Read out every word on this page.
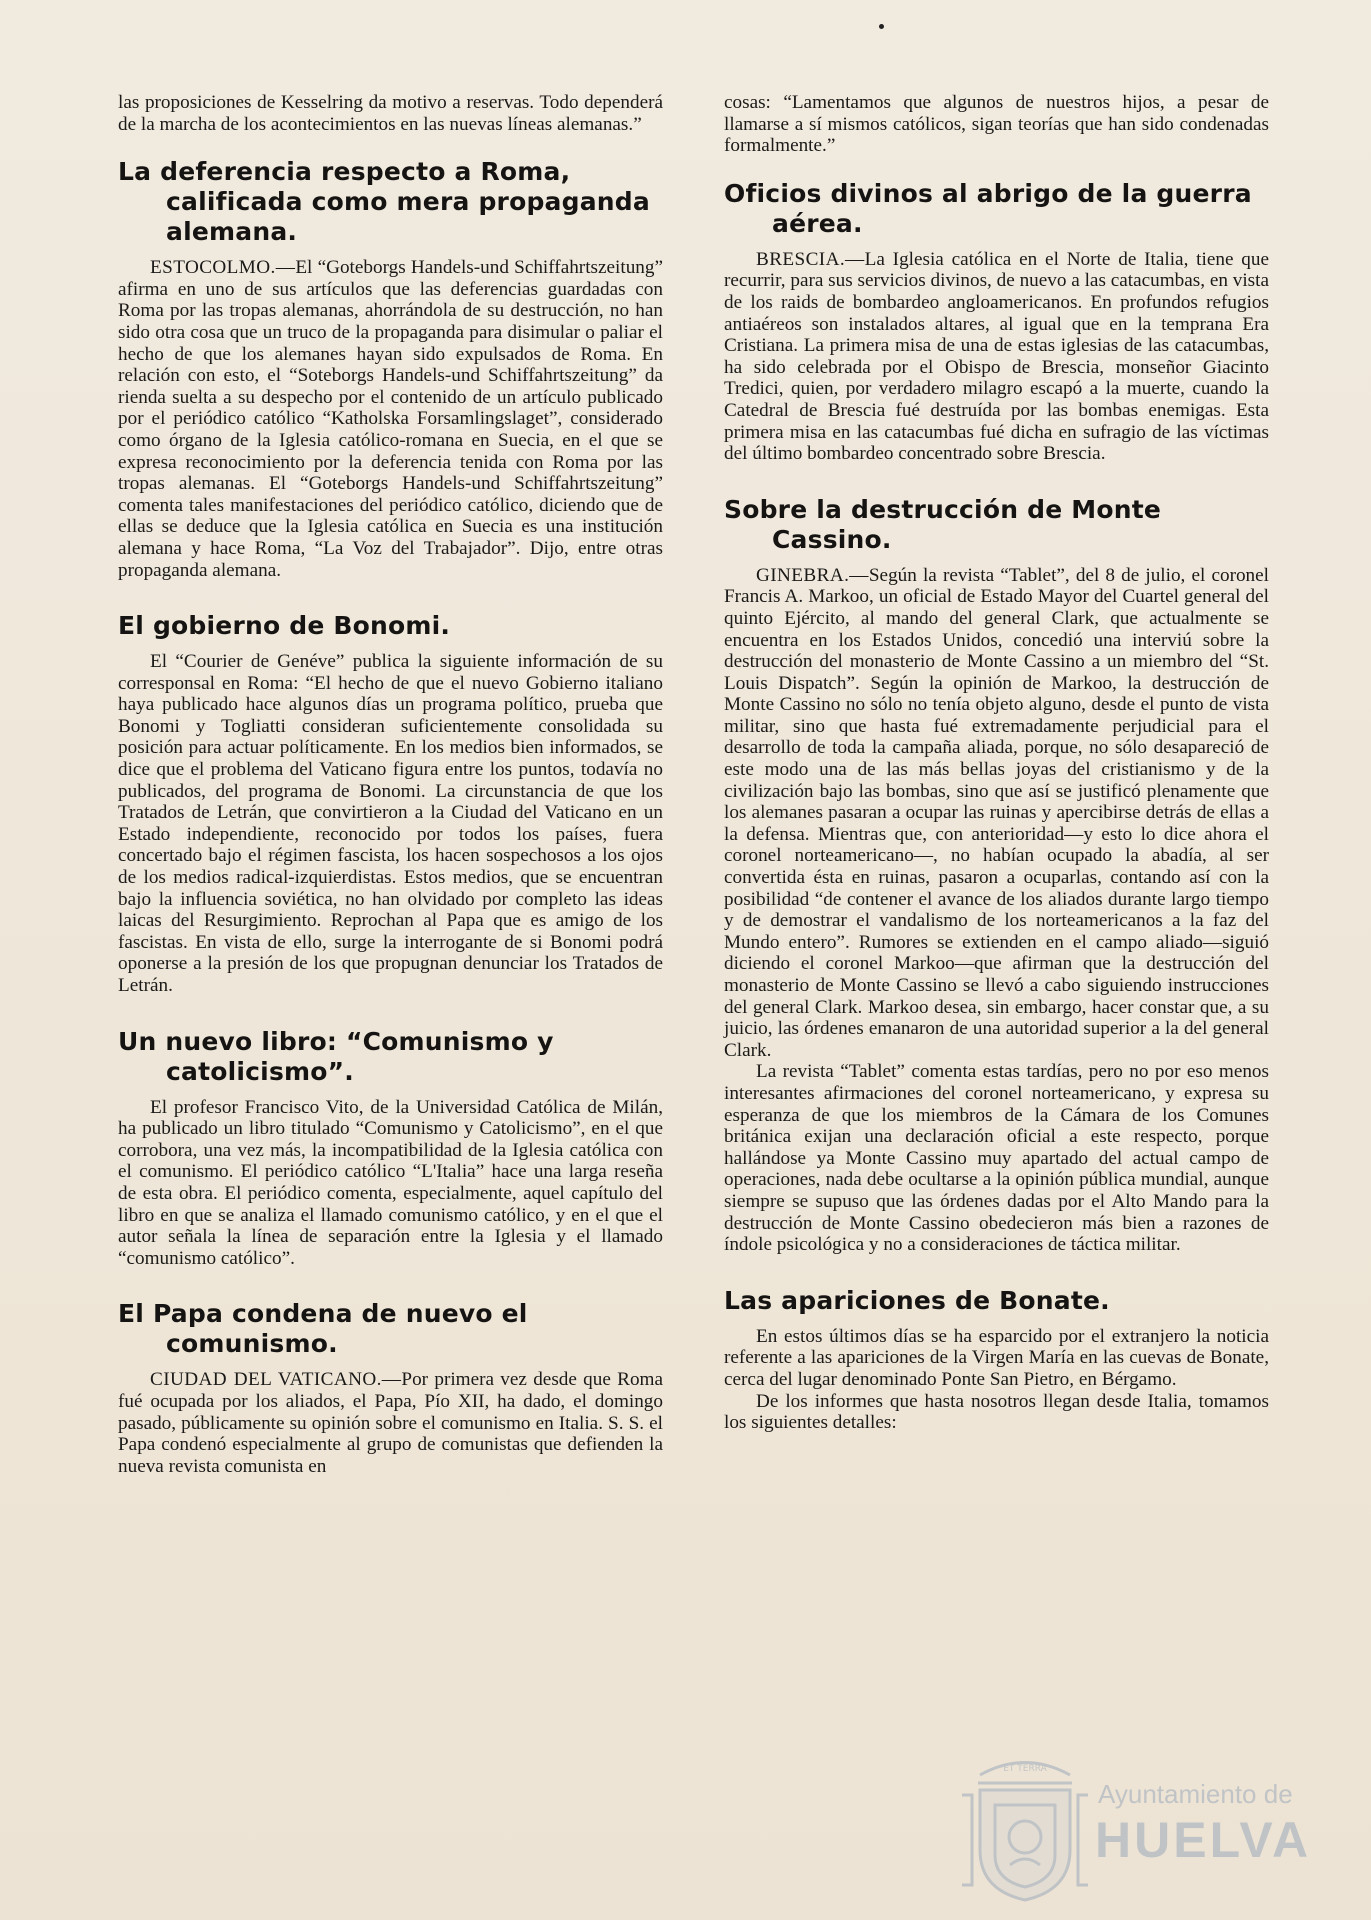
las proposiciones de Kesselring da motivo a reservas. Todo dependerá de la marcha de los acontecimientos en las nuevas líneas alemanas.”

La deferencia respecto a Roma, calificada como mera propaganda alemana.

ESTOCOLMO.—El “Goteborgs Handels-und Schiffahrtszeitung” afirma en uno de sus artículos que las deferencias guardadas con Roma por las tropas alemanas, ahorrándola de su destrucción, no han sido otra cosa que un truco de la propaganda para disimular o paliar el hecho de que los alemanes hayan sido expulsados de Roma. En relación con esto, el “Soteborgs Handels-und Schiffahrtszeitung” da rienda suelta a su despecho por el contenido de un artículo publicado por el periódico católico “Katholska Forsamlingslaget”, considerado como órgano de la Iglesia católico-romana en Suecia, en el que se expresa reconocimiento por la deferencia tenida con Roma por las tropas alemanas. El “Goteborgs Handels-und Schiffahrtszeitung” comenta tales manifestaciones del periódico católico, diciendo que de ellas se deduce que la Iglesia católica en Suecia es una institución alemana y hace Roma, “La Voz del Trabajador”. Dijo, entre otras propaganda alemana.

El gobierno de Bonomi.

El “Courier de Genéve” publica la siguiente información de su corresponsal en Roma: “El hecho de que el nuevo Gobierno italiano haya publicado hace algunos días un programa político, prueba que Bonomi y Togliatti consideran suficientemente consolidada su posición para actuar políticamente. En los medios bien informados, se dice que el problema del Vaticano figura entre los puntos, todavía no publicados, del programa de Bonomi. La circunstancia de que los Tratados de Letrán, que convirtieron a la Ciudad del Vaticano en un Estado independiente, reconocido por todos los países, fuera concertado bajo el régimen fascista, los hacen sospechosos a los ojos de los medios radical-izquierdistas. Estos medios, que se encuentran bajo la influencia soviética, no han olvidado por completo las ideas laicas del Resurgimiento. Reprochan al Papa que es amigo de los fascistas. En vista de ello, surge la interrogante de si Bonomi podrá oponerse a la presión de los que propugnan denunciar los Tratados de Letrán.

Un nuevo libro: “Comunismo y catolicismo”.

El profesor Francisco Vito, de la Universidad Católica de Milán, ha publicado un libro titulado “Comunismo y Catolicismo”, en el que corrobora, una vez más, la incompatibilidad de la Iglesia católica con el comunismo. El periódico católico “L'Italia” hace una larga reseña de esta obra. El periódico comenta, especialmente, aquel capítulo del libro en que se analiza el llamado comunismo católico, y en el que el autor señala la línea de separación entre la Iglesia y el llamado “comunismo católico”.

El Papa condena de nuevo el comunismo.

CIUDAD DEL VATICANO.—Por primera vez desde que Roma fué ocupada por los aliados, el Papa, Pío XII, ha dado, el domingo pasado, públicamente su opinión sobre el comunismo en Italia. S. S. el Papa condenó especialmente al grupo de comunistas que defienden la nueva revista comunista en

cosas: “Lamentamos que algunos de nuestros hijos, a pesar de llamarse a sí mismos católicos, sigan teorías que han sido condenadas formalmente.”

Oficios divinos al abrigo de la guerra aérea.

BRESCIA.—La Iglesia católica en el Norte de Italia, tiene que recurrir, para sus servicios divinos, de nuevo a las catacumbas, en vista de los raids de bombardeo angloamericanos. En profundos refugios antiaéreos son instalados altares, al igual que en la temprana Era Cristiana. La primera misa de una de estas iglesias de las catacumbas, ha sido celebrada por el Obispo de Brescia, monseñor Giacinto Tredici, quien, por verdadero milagro escapó a la muerte, cuando la Catedral de Brescia fué destruída por las bombas enemigas. Esta primera misa en las catacumbas fué dicha en sufragio de las víctimas del último bombardeo concentrado sobre Brescia.

Sobre la destrucción de Monte Cassino.

GINEBRA.—Según la revista “Tablet”, del 8 de julio, el coronel Francis A. Markoo, un oficial de Estado Mayor del Cuartel general del quinto Ejército, al mando del general Clark, que actualmente se encuentra en los Estados Unidos, concedió una interviú sobre la destrucción del monasterio de Monte Cassino a un miembro del “St. Louis Dispatch”. Según la opinión de Markoo, la destrucción de Monte Cassino no sólo no tenía objeto alguno, desde el punto de vista militar, sino que hasta fué extremadamente perjudicial para el desarrollo de toda la campaña aliada, porque, no sólo desapareció de este modo una de las más bellas joyas del cristianismo y de la civilización bajo las bombas, sino que así se justificó plenamente que los alemanes pasaran a ocupar las ruinas y apercibirse detrás de ellas a la defensa. Mientras que, con anterioridad—y esto lo dice ahora el coronel norteamericano—, no habían ocupado la abadía, al ser convertida ésta en ruinas, pasaron a ocuparlas, contando así con la posibilidad “de contener el avance de los aliados durante largo tiempo y de demostrar el vandalismo de los norteamericanos a la faz del Mundo entero”. Rumores se extienden en el campo aliado—siguió diciendo el coronel Markoo—que afirman que la destrucción del monasterio de Monte Cassino se llevó a cabo siguiendo instrucciones del general Clark. Markoo desea, sin embargo, hacer constar que, a su juicio, las órdenes emanaron de una autoridad superior a la del general Clark.

La revista “Tablet” comenta estas tardías, pero no por eso menos interesantes afirmaciones del coronel norteamericano, y expresa su esperanza de que los miembros de la Cámara de los Comunes británica exijan una declaración oficial a este respecto, porque hallándose ya Monte Cassino muy apartado del actual campo de operaciones, nada debe ocultarse a la opinión pública mundial, aunque siempre se supuso que las órdenes dadas por el Alto Mando para la destrucción de Monte Cassino obedecieron más bien a razones de índole psicológica y no a consideraciones de táctica militar.

Las apariciones de Bonate.

En estos últimos días se ha esparcido por el extranjero la noticia referente a las apariciones de la Virgen María en las cuevas de Bonate, cerca del lugar denominado Ponte San Pietro, en Bérgamo.

De los informes que hasta nosotros llegan desde Italia, tomamos los siguientes detalles:

ET TERRA
Ayuntamiento de
HUELVA
